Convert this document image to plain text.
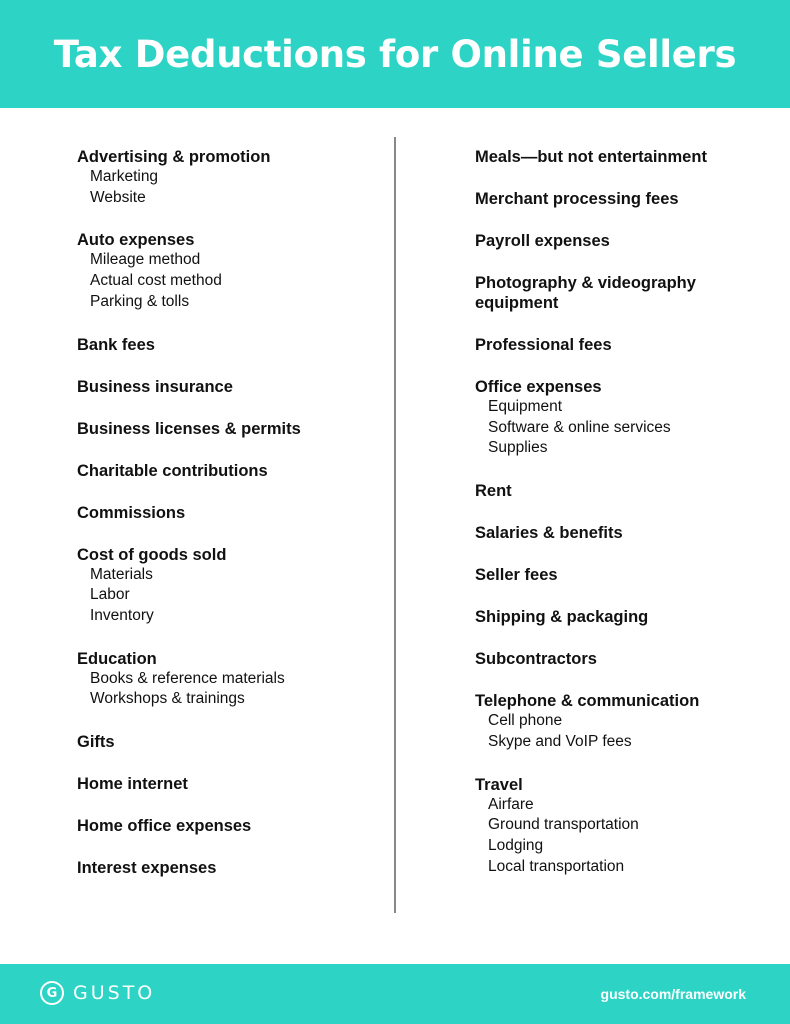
Tax Deductions for Online Sellers
Advertising & promotion
Marketing
Website
Auto expenses
Mileage method
Actual cost method
Parking & tolls
Bank fees
Business insurance
Business licenses & permits
Charitable contributions
Commissions
Cost of goods sold
Materials
Labor
Inventory
Education
Books & reference materials
Workshops & trainings
Gifts
Home internet
Home office expenses
Interest expenses
Meals—but not entertainment
Merchant processing fees
Payroll expenses
Photography & videography equipment
Professional fees
Office expenses
Equipment
Software & online services
Supplies
Rent
Salaries & benefits
Seller fees
Shipping & packaging
Subcontractors
Telephone & communication
Cell phone
Skype and VoIP fees
Travel
Airfare
Ground transportation
Lodging
Local transportation
G GUSTO	gusto.com/framework
